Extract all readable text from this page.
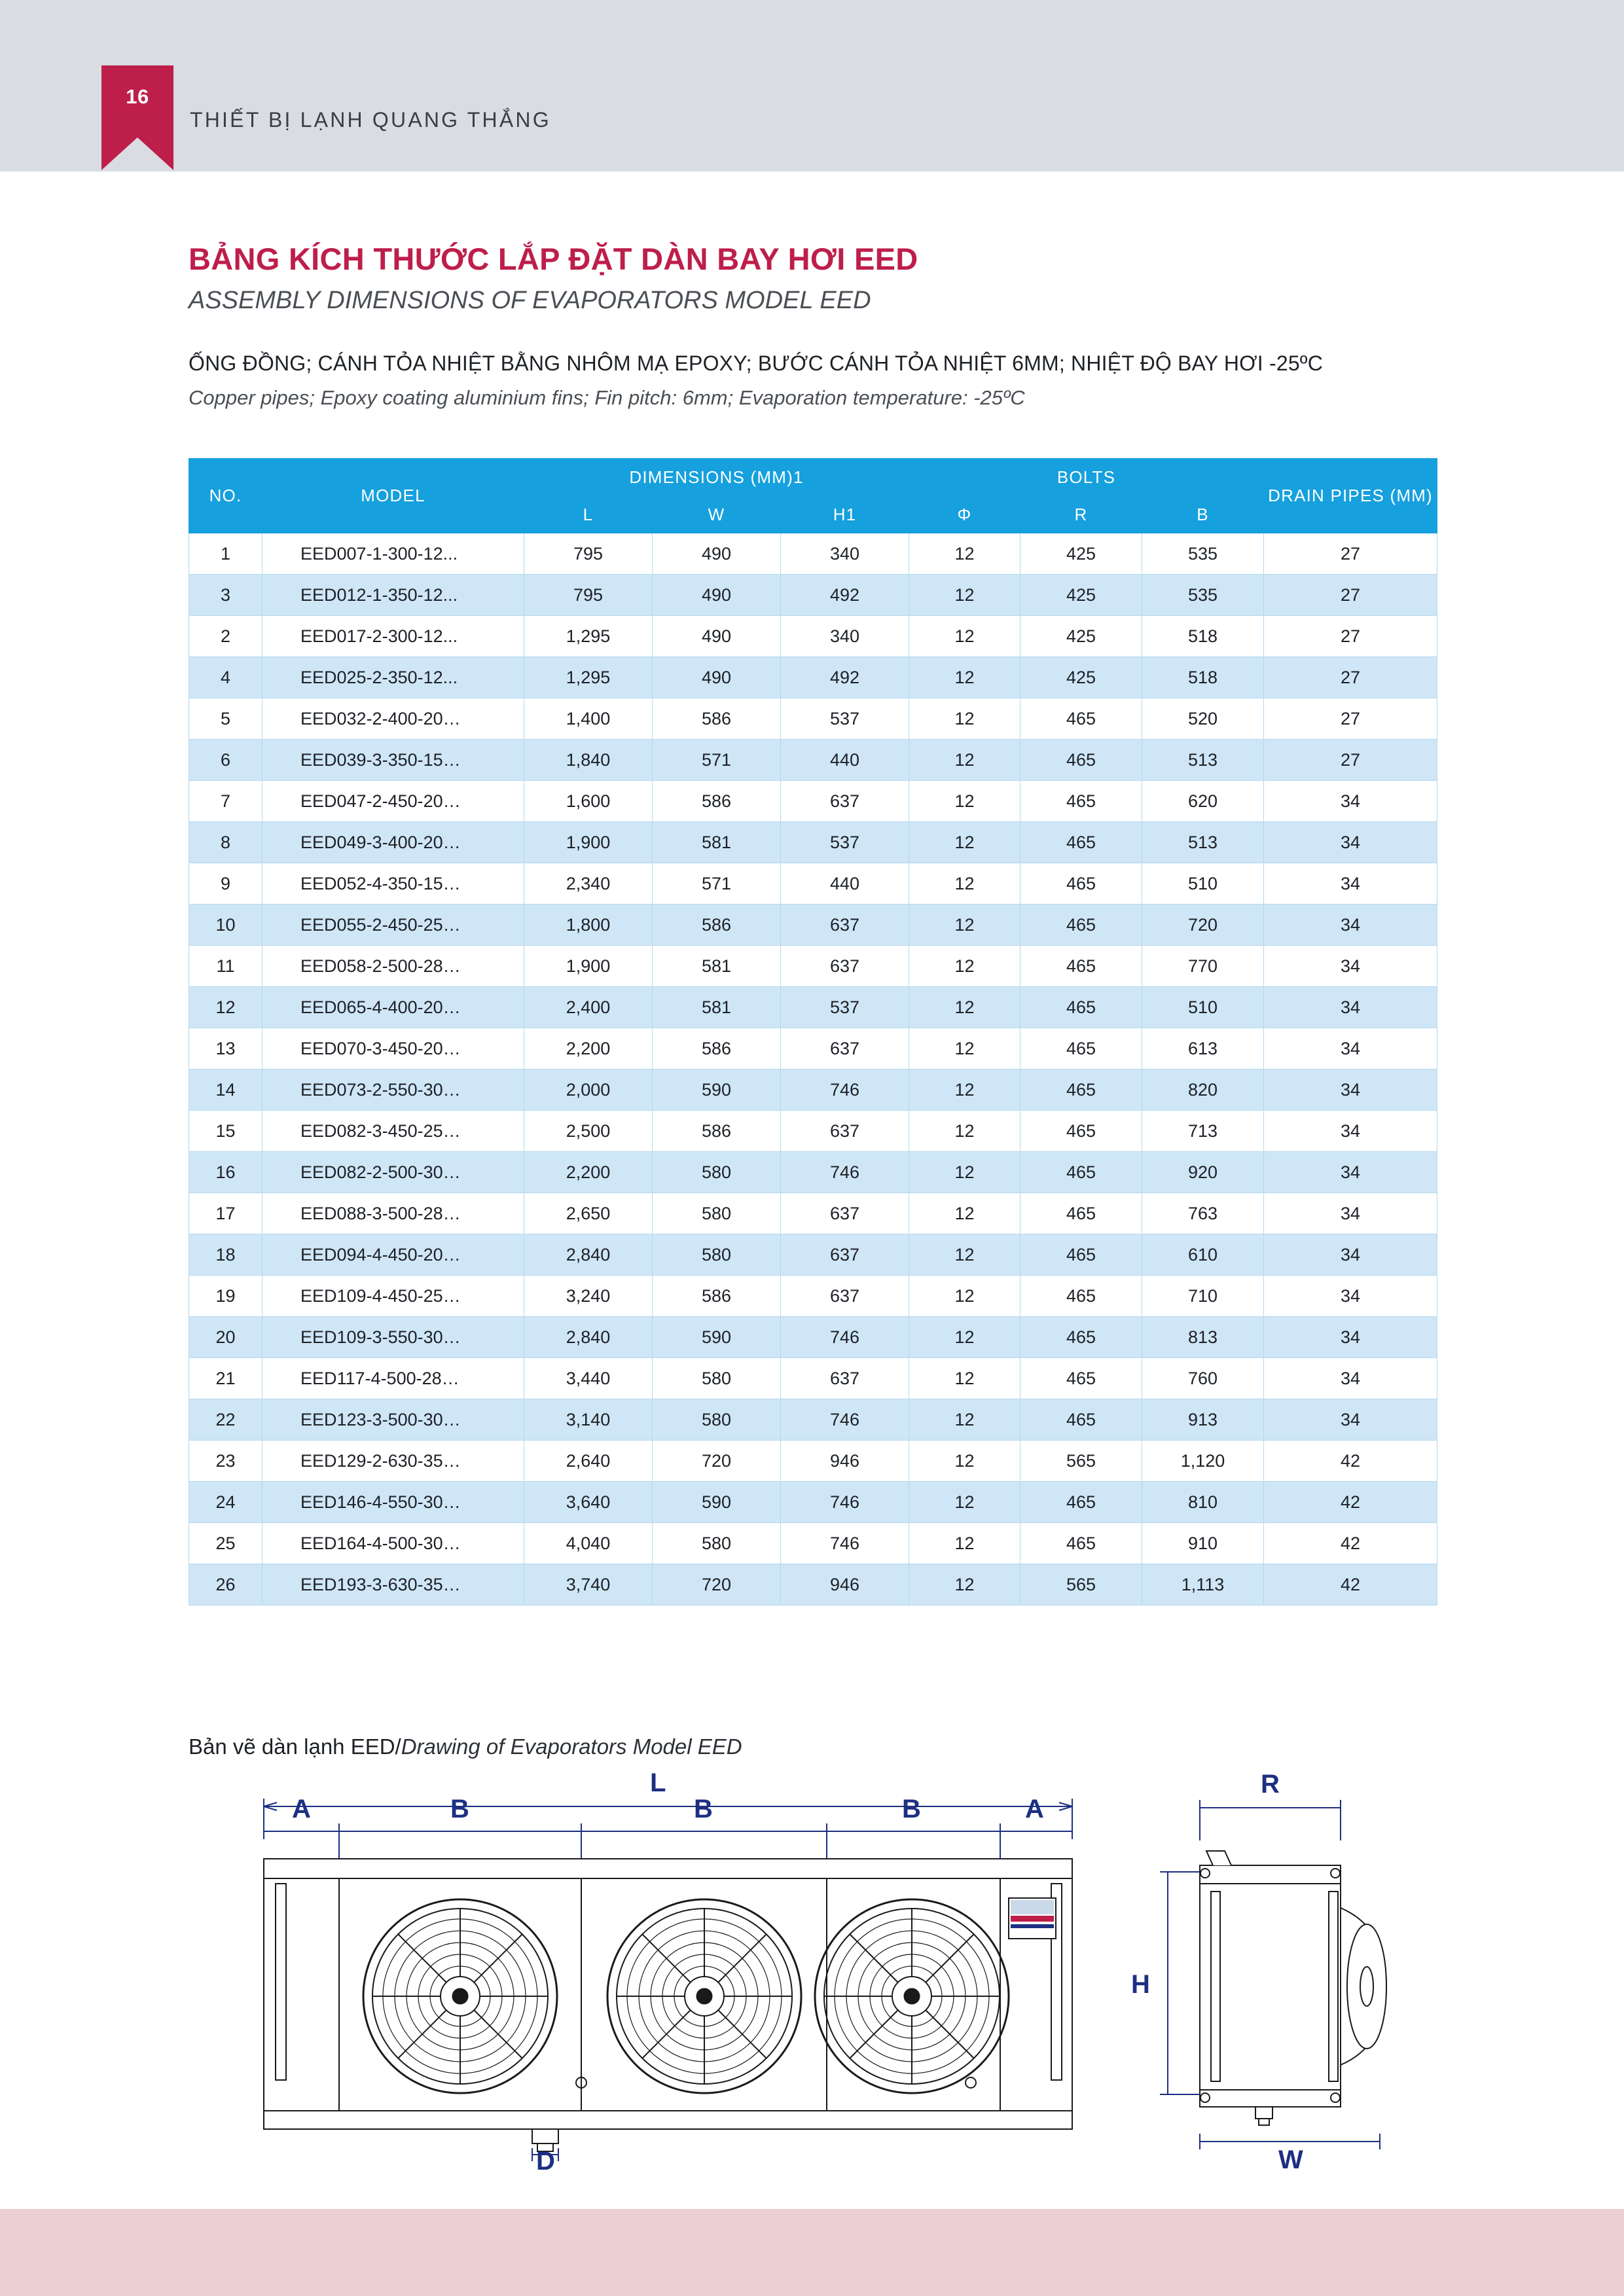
16
THIẾT BỊ LẠNH QUANG THẮNG
BẢNG KÍCH THƯỚC LẮP ĐẶT DÀN BAY HƠI EED
ASSEMBLY DIMENSIONS OF EVAPORATORS MODEL EED
ỐNG ĐỒNG; CÁNH TỎA NHIỆT BẰNG NHÔM MẠ EPOXY; BƯỚC CÁNH TỎA NHIỆT 6MM; NHIỆT ĐỘ BAY HƠI -25ºC
Copper pipes; Epoxy coating aluminium fins; Fin pitch: 6mm; Evaporation temperature: -25ºC
NO.	MODEL	DIMENSIONS (MM)1			BOLTS			DRAIN PIPES (MM)
		L	W	H1	Φ	R	B	
1	EED007-1-300-12...	795	490	340	12	425	535	27
3	EED012-1-350-12...	795	490	492	12	425	535	27
2	EED017-2-300-12...	1,295	490	340	12	425	518	27
4	EED025-2-350-12...	1,295	490	492	12	425	518	27
5	EED032-2-400-20…	1,400	586	537	12	465	520	27
6	EED039-3-350-15…	1,840	571	440	12	465	513	27
7	EED047-2-450-20…	1,600	586	637	12	465	620	34
8	EED049-3-400-20…	1,900	581	537	12	465	513	34
9	EED052-4-350-15…	2,340	571	440	12	465	510	34
10	EED055-2-450-25…	1,800	586	637	12	465	720	34
11	EED058-2-500-28…	1,900	581	637	12	465	770	34
12	EED065-4-400-20…	2,400	581	537	12	465	510	34
13	EED070-3-450-20…	2,200	586	637	12	465	613	34
14	EED073-2-550-30…	2,000	590	746	12	465	820	34
15	EED082-3-450-25…	2,500	586	637	12	465	713	34
16	EED082-2-500-30…	2,200	580	746	12	465	920	34
17	EED088-3-500-28…	2,650	580	637	12	465	763	34
18	EED094-4-450-20…	2,840	580	637	12	465	610	34
19	EED109-4-450-25…	3,240	586	637	12	465	710	34
20	EED109-3-550-30…	2,840	590	746	12	465	813	34
21	EED117-4-500-28…	3,440	580	637	12	465	760	34
22	EED123-3-500-30…	3,140	580	746	12	465	913	34
23	EED129-2-630-35…	2,640	720	946	12	565	1,120	42
24	EED146-4-550-30…	3,640	590	746	12	465	810	42
25	EED164-4-500-30…	4,040	580	746	12	465	910	42
26	EED193-3-630-35…	3,740	720	946	12	565	1,113	42
Bản vẽ dàn lạnh EED/Drawing of Evaporators Model EED
L
A	B	B	B	A
D
R
H
W
